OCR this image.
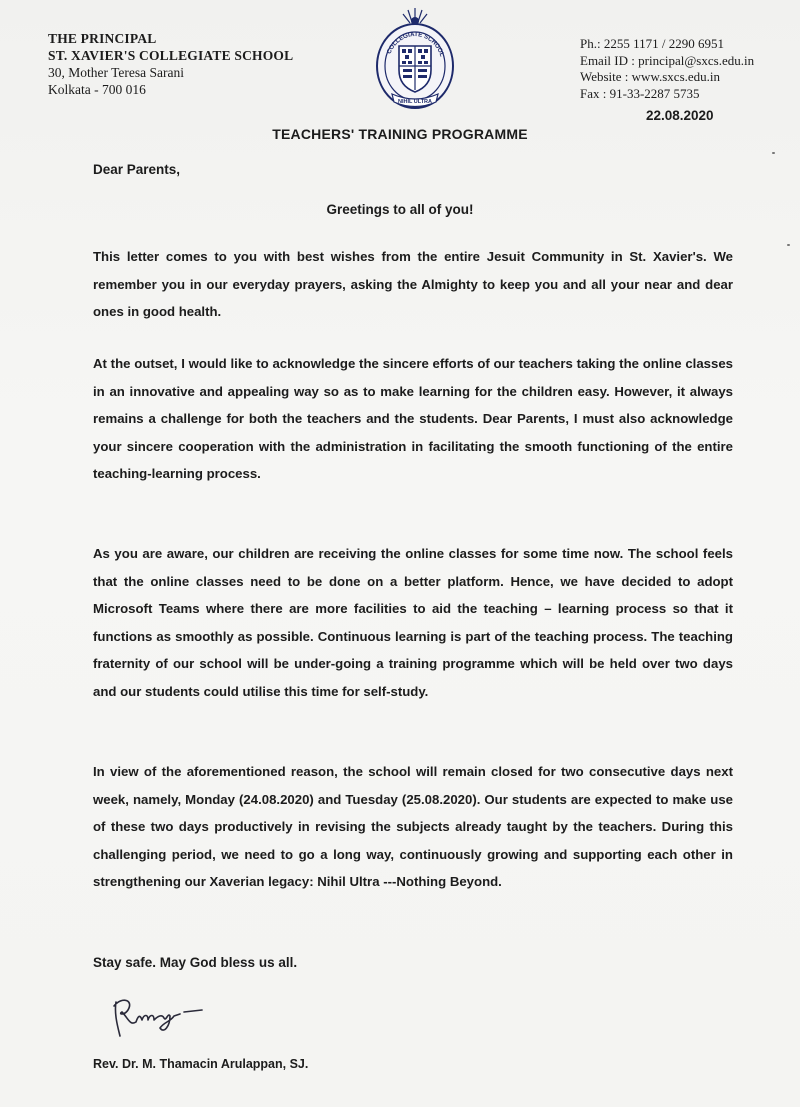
THE PRINCIPAL
ST. XAVIER'S COLLEGIATE SCHOOL
30, Mother Teresa Sarani
Kolkata - 700 016
COLLEGIATE SCHOOL
NIHIL ULTRA
Ph.: 2255 1171 / 2290 6951
Email ID : principal@sxcs.edu.in
Website : www.sxcs.edu.in
Fax : 91-33-2287 5735
22.08.2020
TEACHERS' TRAINING PROGRAMME
Dear Parents,
Greetings to all of you!
This letter comes to you with best wishes from the entire Jesuit Community in St. Xavier's. We remember you in our everyday prayers, asking the Almighty to keep you and all your near and dear ones in good health.
At the outset, I would like to acknowledge the sincere efforts of our teachers taking the online classes in an innovative and appealing way so as to make learning for the children easy. However, it always remains a challenge for both the teachers and the students. Dear Parents, I must also acknowledge your sincere cooperation with the administration in facilitating the smooth functioning of the entire teaching-learning process.
As you are aware, our children are receiving the online classes for some time now. The school feels that the online classes need to be done on a better platform. Hence, we have decided to adopt Microsoft Teams where there are more facilities to aid the teaching – learning process so that it functions as smoothly as possible. Continuous learning is part of the teaching process. The teaching fraternity of our school will be under-going a training programme which will be held over two days and our students could utilise this time for self-study.
In view of the aforementioned reason, the school will remain closed for two consecutive days next week, namely, Monday (24.08.2020) and Tuesday (25.08.2020). Our students are expected to make use of these two days productively in revising the subjects already taught by the teachers. During this challenging period, we need to go a long way, continuously growing and supporting each other in strengthening our Xaverian legacy: Nihil Ultra ---Nothing Beyond.
Stay safe. May God bless us all.
Rev. Dr. M. Thamacin Arulappan, SJ.
